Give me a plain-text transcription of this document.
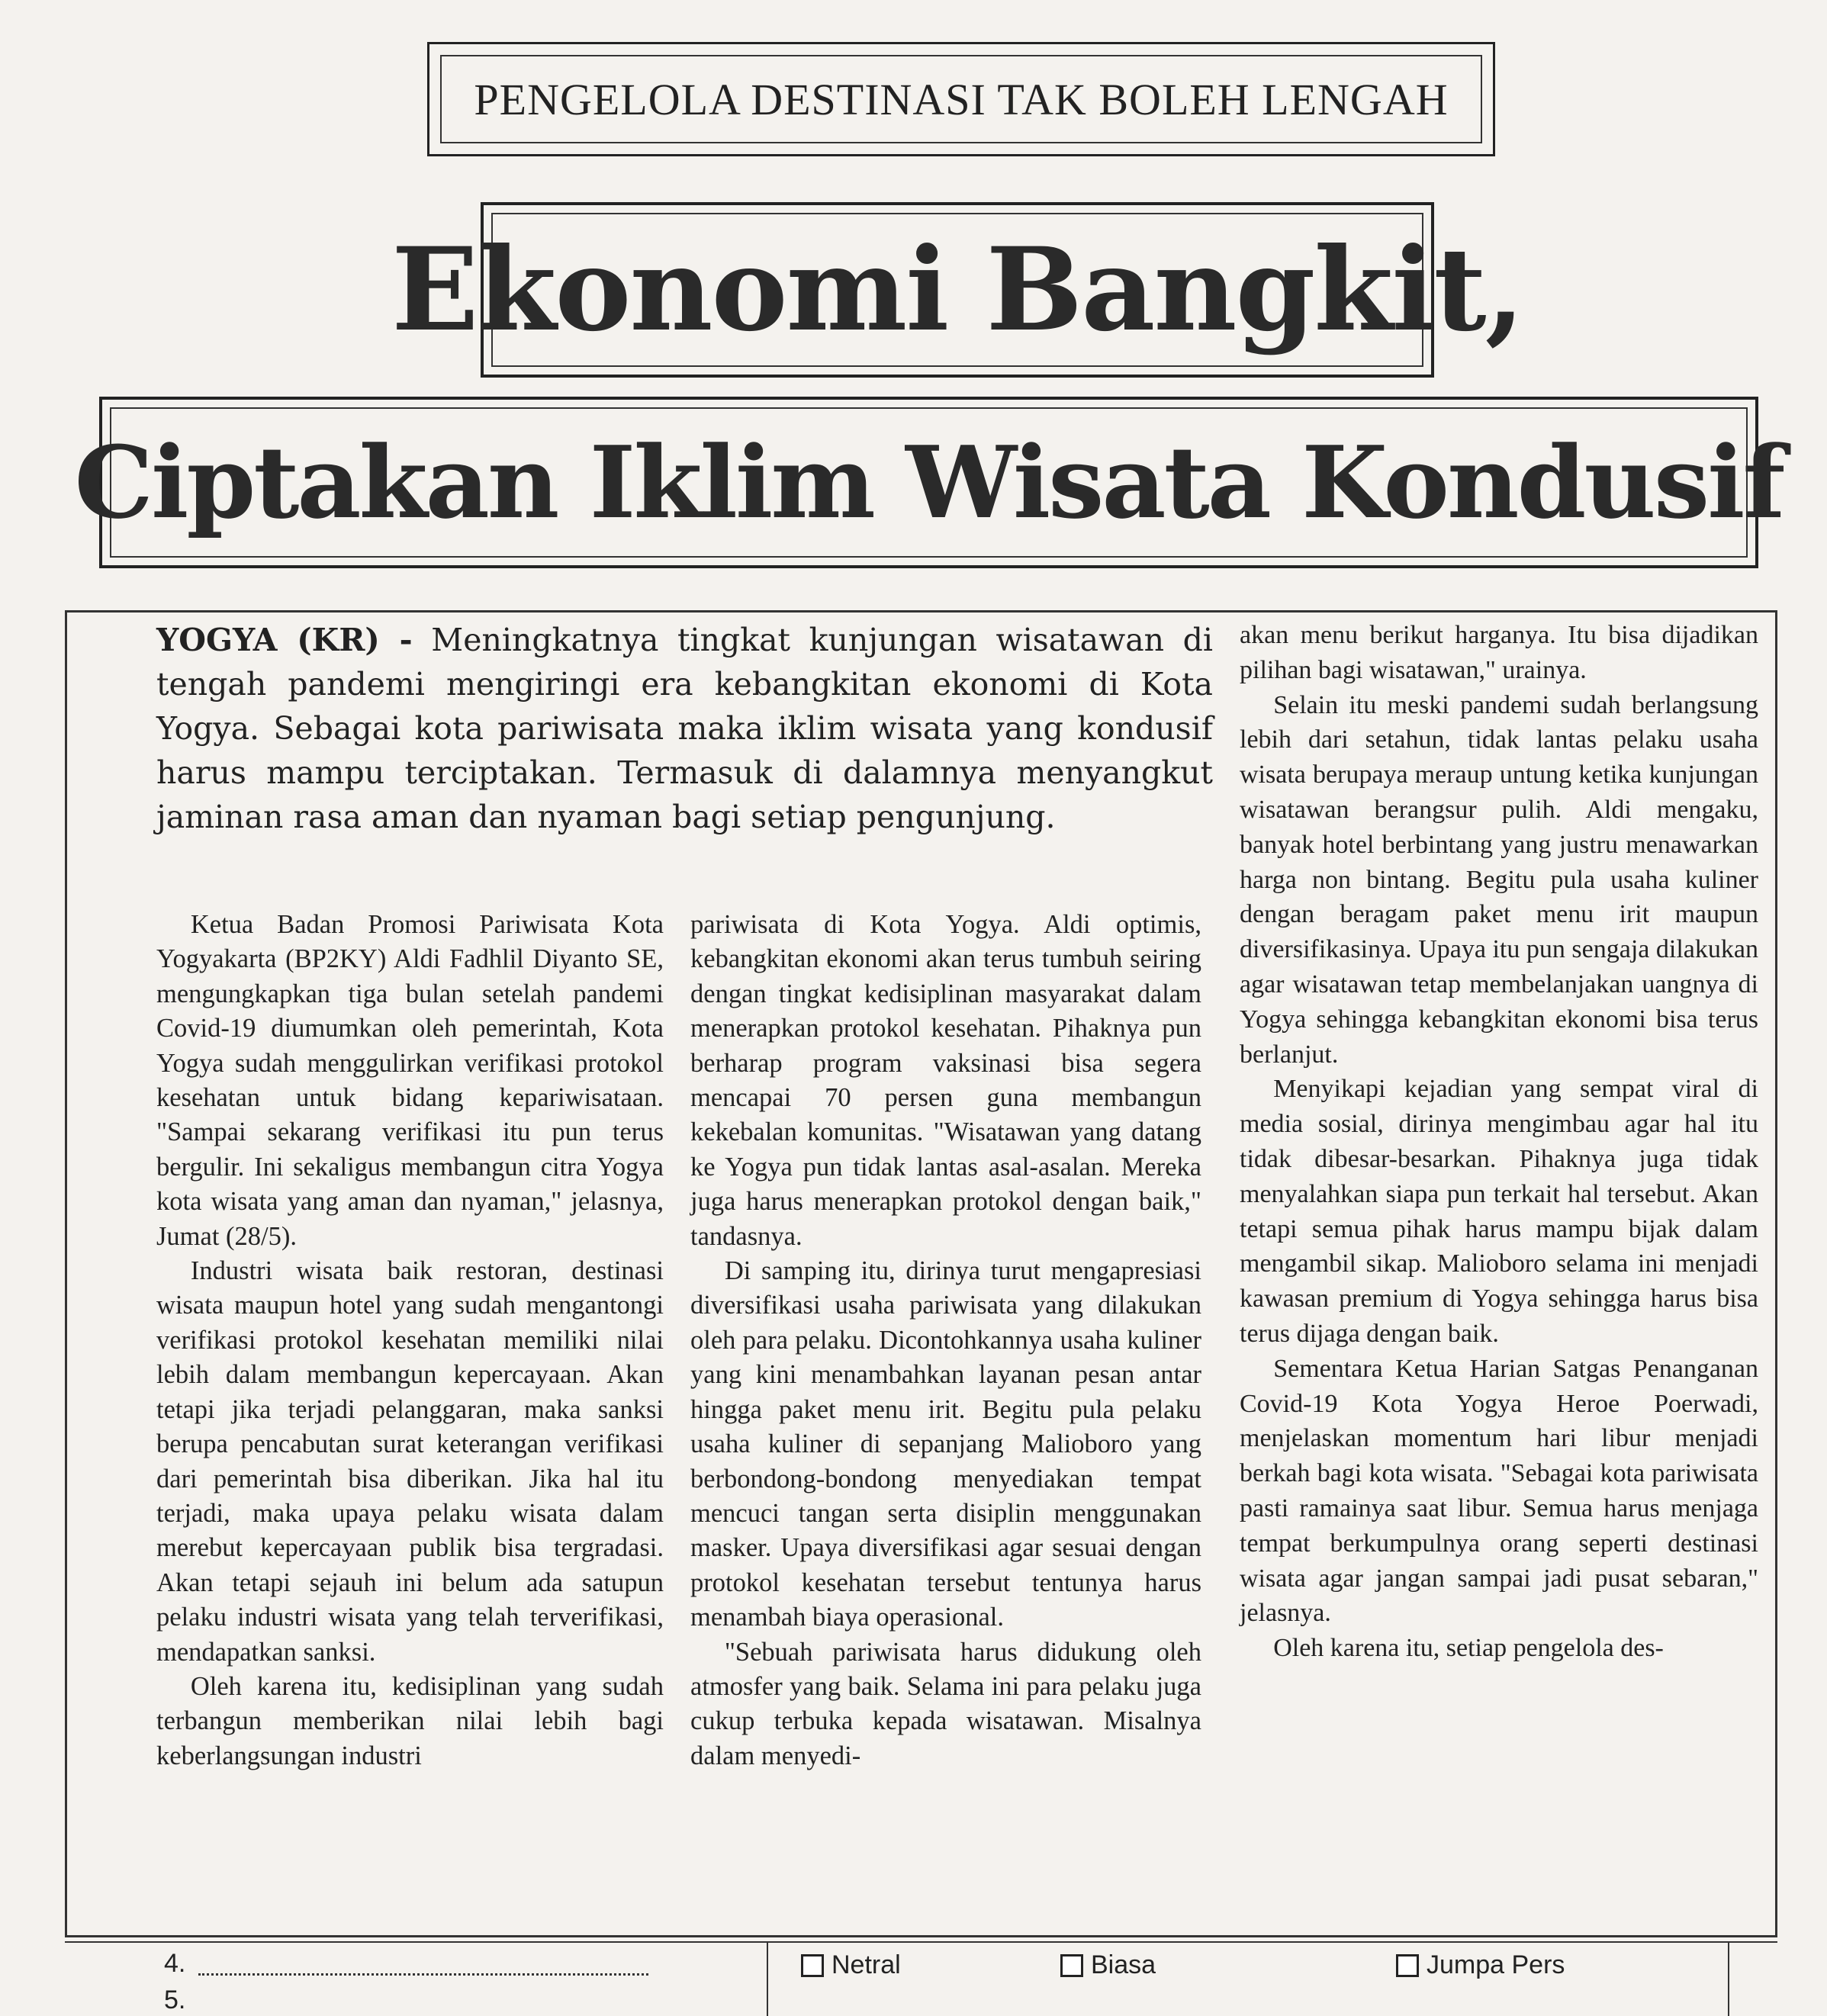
PENGELOLA DESTINASI TAK BOLEH LENGAH
Ekonomi Bangkit,
Ciptakan Iklim Wisata Kondusif
YOGYA (KR) - Meningkatnya tingkat kunjungan wisatawan di tengah pandemi mengiringi era kebangkitan ekonomi di Kota Yogya. Sebagai kota pariwisata maka iklim wisata yang kondusif harus mampu terciptakan. Termasuk di dalamnya menyangkut jaminan rasa aman dan nyaman bagi setiap pengunjung.

Ketua Badan Promosi Pariwisata Kota Yogyakarta (BP2KY) Aldi Fadhlil Diyanto SE, mengungkapkan tiga bulan setelah pandemi Covid-19 diumumkan oleh pemerintah, Kota Yogya sudah menggulirkan verifikasi protokol kesehatan untuk bidang kepariwisataan. "Sampai sekarang verifikasi itu pun terus bergulir. Ini sekaligus membangun citra Yogya kota wisata yang aman dan nyaman," jelasnya, Jumat (28/5).

Industri wisata baik restoran, destinasi wisata maupun hotel yang sudah mengantongi verifikasi protokol kesehatan memiliki nilai lebih dalam membangun kepercayaan. Akan tetapi jika terjadi pelanggaran, maka sanksi berupa pencabutan surat keterangan verifikasi dari pemerintah bisa diberikan. Jika hal itu terjadi, maka upaya pelaku wisata dalam merebut kepercayaan publik bisa tergradasi. Akan tetapi sejauh ini belum ada satupun pelaku industri wisata yang telah terverifikasi, mendapatkan sanksi.

Oleh karena itu, kedisiplinan yang sudah terbangun memberikan nilai lebih bagi keberlangsungan industri

pariwisata di Kota Yogya. Aldi optimis, kebangkitan ekonomi akan terus tumbuh seiring dengan tingkat kedisiplinan masyarakat dalam menerapkan protokol kesehatan. Pihaknya pun berharap program vaksinasi bisa segera mencapai 70 persen guna membangun kekebalan komunitas. "Wisatawan yang datang ke Yogya pun tidak lantas asal-asalan. Mereka juga harus menerapkan protokol dengan baik," tandasnya.

Di samping itu, dirinya turut mengapresiasi diversifikasi usaha pariwisata yang dilakukan oleh para pelaku. Dicontohkannya usaha kuliner yang kini menambahkan layanan pesan antar hingga paket menu irit. Begitu pula pelaku usaha kuliner di sepanjang Malioboro yang berbondong-bondong menyediakan tempat mencuci tangan serta disiplin menggunakan masker. Upaya diversifikasi agar sesuai dengan protokol kesehatan tersebut tentunya harus menambah biaya operasional.

"Sebuah pariwisata harus didukung oleh atmosfer yang baik. Selama ini para pelaku juga cukup terbuka kepada wisatawan. Misalnya dalam menyedi-

akan menu berikut harganya. Itu bisa dijadikan pilihan bagi wisatawan," urainya.

Selain itu meski pandemi sudah berlangsung lebih dari setahun, tidak lantas pelaku usaha wisata berupaya meraup untung ketika kunjungan wisatawan berangsur pulih. Aldi mengaku, banyak hotel berbintang yang justru menawarkan harga non bintang. Begitu pula usaha kuliner dengan beragam paket menu irit maupun diversifikasinya. Upaya itu pun sengaja dilakukan agar wisatawan tetap membelanjakan uangnya di Yogya sehingga kebangkitan ekonomi bisa terus berlanjut.

Menyikapi kejadian yang sempat viral di media sosial, dirinya mengimbau agar hal itu tidak dibesar-besarkan. Pihaknya juga tidak menyalahkan siapa pun terkait hal tersebut. Akan tetapi semua pihak harus mampu bijak dalam mengambil sikap. Malioboro selama ini menjadi kawasan premium di Yogya sehingga harus bisa terus dijaga dengan baik.

Sementara Ketua Harian Satgas Penanganan Covid-19 Kota Yogya Heroe Poerwadi, menjelaskan momentum hari libur menjadi berkah bagi kota wisata. "Sebagai kota pariwisata pasti ramainya saat libur. Semua harus menjaga tempat berkumpulnya orang seperti destinasi wisata agar jangan sampai jadi pusat sebaran," jelasnya.

Oleh karena itu, setiap pengelola des-

4.
5.
Netral	Biasa	Jumpa Pers
